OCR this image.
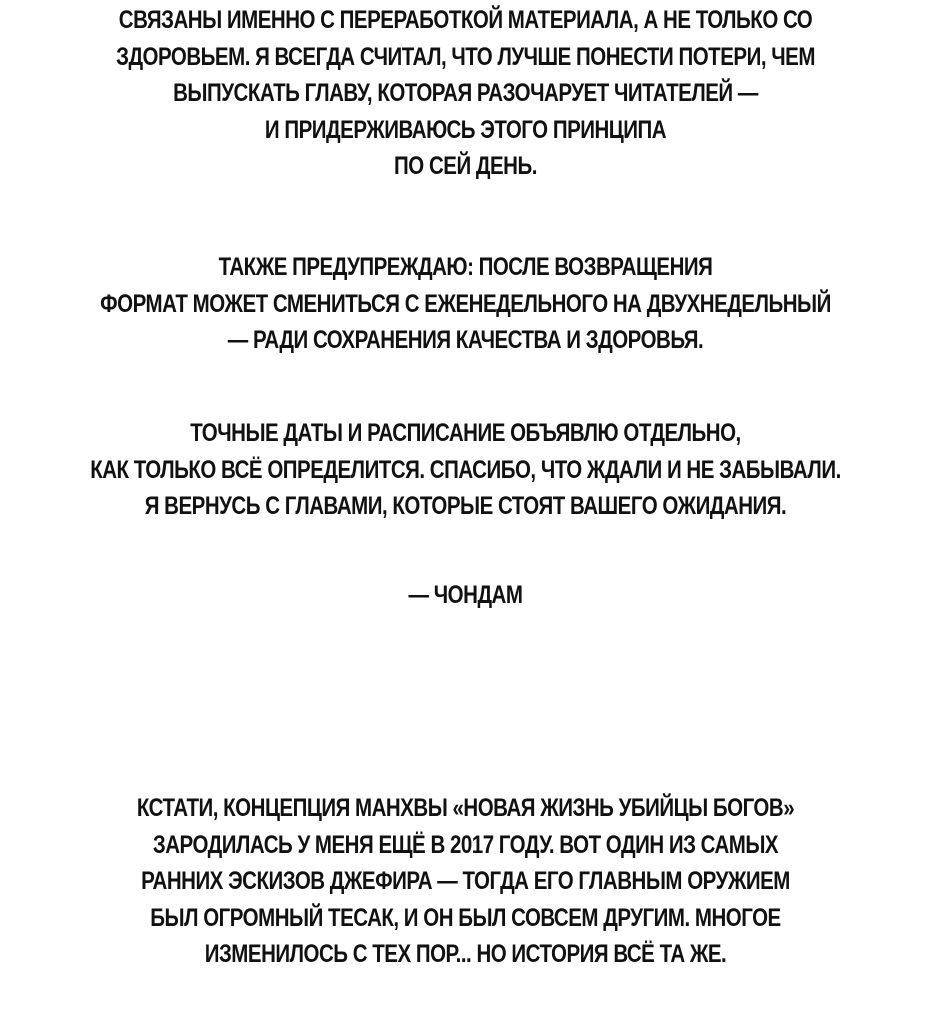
СВЯЗАНЫ ИМЕННО С ПЕРЕРАБОТКОЙ МАТЕРИАЛА, А НЕ ТОЛЬКО СО
ЗДОРОВЬЕМ. Я ВСЕГДА СЧИТАЛ, ЧТО ЛУЧШЕ ПОНЕСТИ ПОТЕРИ, ЧЕМ
ВЫПУСКАТЬ ГЛАВУ, КОТОРАЯ РАЗОЧАРУЕТ ЧИТАТЕЛЕЙ —
И ПРИДЕРЖИВАЮСЬ ЭТОГО ПРИНЦИПА
ПО СЕЙ ДЕНЬ.
ТАКЖЕ ПРЕДУПРЕЖДАЮ: ПОСЛЕ ВОЗВРАЩЕНИЯ
ФОРМАТ МОЖЕТ СМЕНИТЬСЯ С ЕЖЕНЕДЕЛЬНОГО НА ДВУХНЕДЕЛЬНЫЙ
— РАДИ СОХРАНЕНИЯ КАЧЕСТВА И ЗДОРОВЬЯ.
ТОЧНЫЕ ДАТЫ И РАСПИСАНИЕ ОБЪЯВЛЮ ОТДЕЛЬНО,
КАК ТОЛЬКО ВСЁ ОПРЕДЕЛИТСЯ. СПАСИБО, ЧТО ЖДАЛИ И НЕ ЗАБЫВАЛИ.
Я ВЕРНУСЬ С ГЛАВАМИ, КОТОРЫЕ СТОЯТ ВАШЕГО ОЖИДАНИЯ.
— ЧОНДАМ
КСТАТИ, КОНЦЕПЦИЯ МАНХВЫ «НОВАЯ ЖИЗНЬ УБИЙЦЫ БОГОВ»
ЗАРОДИЛАСЬ У МЕНЯ ЕЩЁ В 2017 ГОДУ. ВОТ ОДИН ИЗ САМЫХ
РАННИХ ЭСКИЗОВ ДЖЕФИРА — ТОГДА ЕГО ГЛАВНЫМ ОРУЖИЕМ
БЫЛ ОГРОМНЫЙ ТЕСАК, И ОН БЫЛ СОВСЕМ ДРУГИМ. МНОГОЕ
ИЗМЕНИЛОСЬ С ТЕХ ПОР... НО ИСТОРИЯ ВСЁ ТА ЖЕ.
